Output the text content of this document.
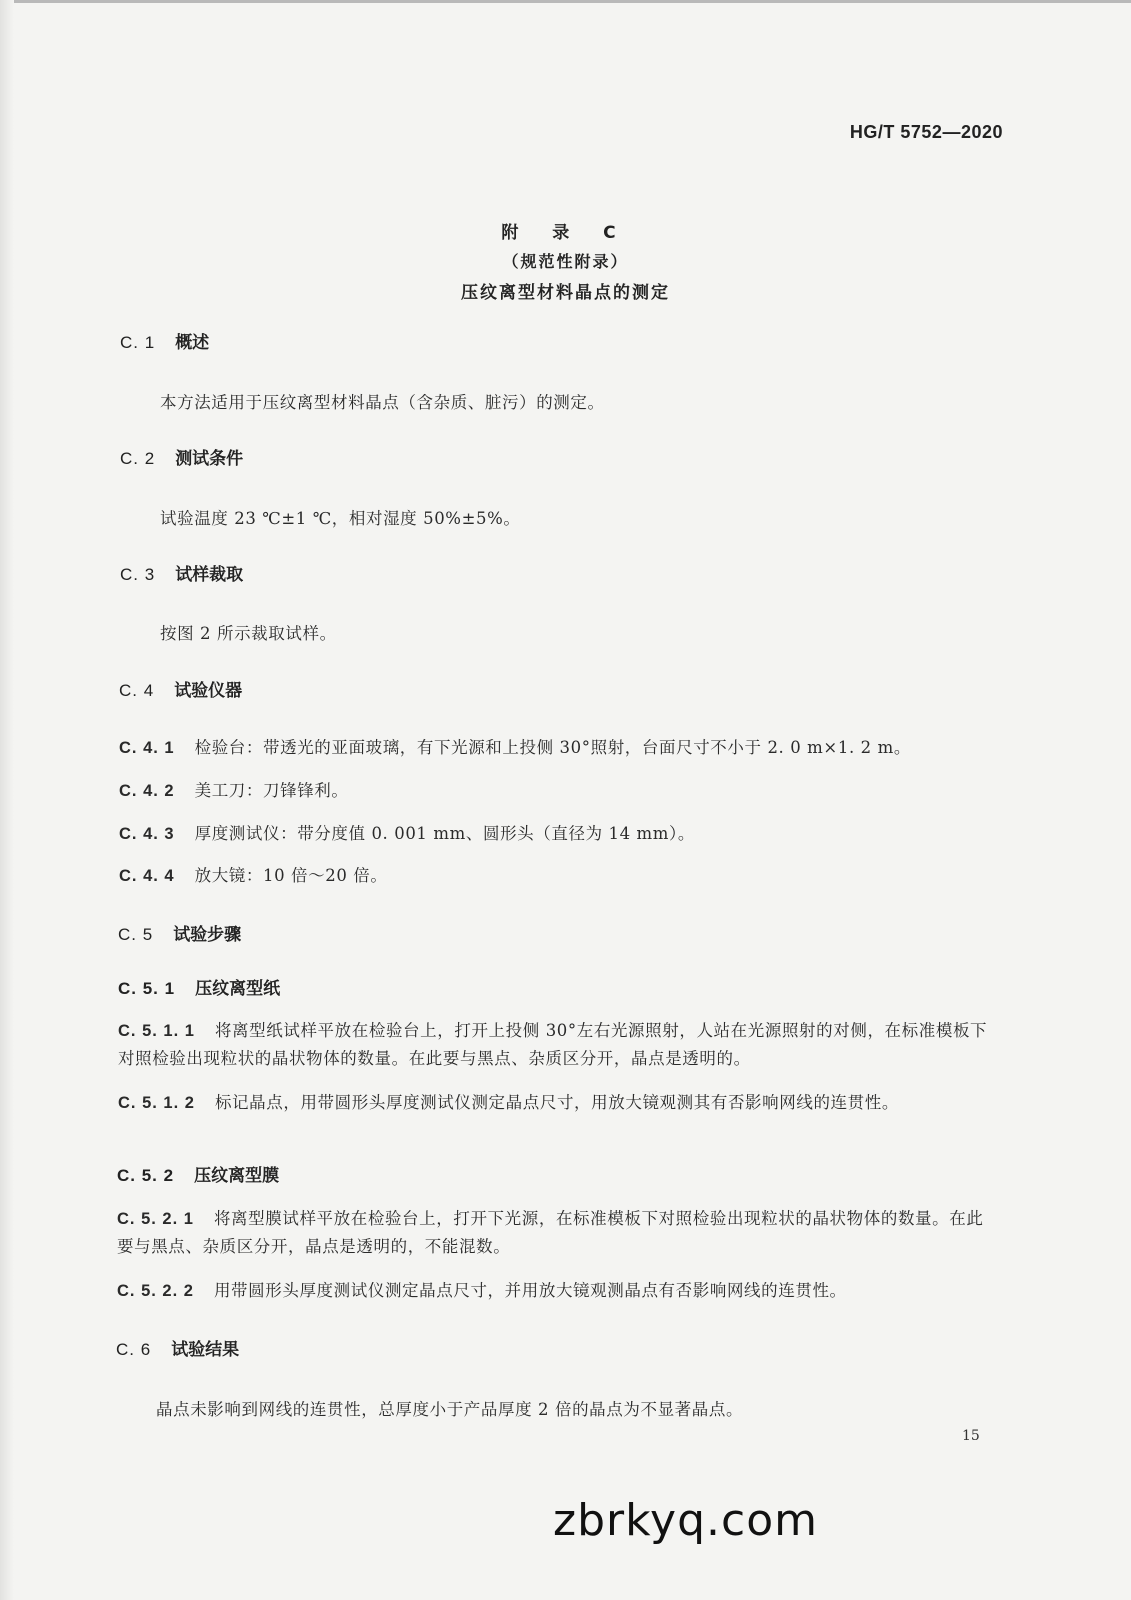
HG/T 5752—2020
附 录 C
（规范性附录）
压纹离型材料晶点的测定
C. 1 概述
本方法适用于压纹离型材料晶点（含杂质、脏污）的测定。
C. 2 测试条件
试验温度 23 ℃±1 ℃，相对湿度 50%±5%。
C. 3 试样裁取
按图 2 所示裁取试样。
C. 4 试验仪器
C. 4. 1 检验台：带透光的亚面玻璃，有下光源和上投侧 30°照射，台面尺寸不小于 2. 0 m×1. 2 m。
C. 4. 2 美工刀：刀锋锋利。
C. 4. 3 厚度测试仪：带分度值 0. 001 mm、圆形头（直径为 14 mm）。
C. 4. 4 放大镜：10 倍～20 倍。
C. 5 试验步骤
C. 5. 1 压纹离型纸
C. 5. 1. 1 将离型纸试样平放在检验台上，打开上投侧 30°左右光源照射，人站在光源照射的对侧，在标准模板下对照检验出现粒状的晶状物体的数量。在此要与黑点、杂质区分开，晶点是透明的。
C. 5. 1. 2 标记晶点，用带圆形头厚度测试仪测定晶点尺寸，用放大镜观测其有否影响网线的连贯性。
C. 5. 2 压纹离型膜
C. 5. 2. 1 将离型膜试样平放在检验台上，打开下光源，在标准模板下对照检验出现粒状的晶状物体的数量。在此要与黑点、杂质区分开，晶点是透明的，不能混数。
C. 5. 2. 2 用带圆形头厚度测试仪测定晶点尺寸，并用放大镜观测晶点有否影响网线的连贯性。
C. 6 试验结果
晶点未影响到网线的连贯性，总厚度小于产品厚度 2 倍的晶点为不显著晶点。
15
zbrkyq.com
